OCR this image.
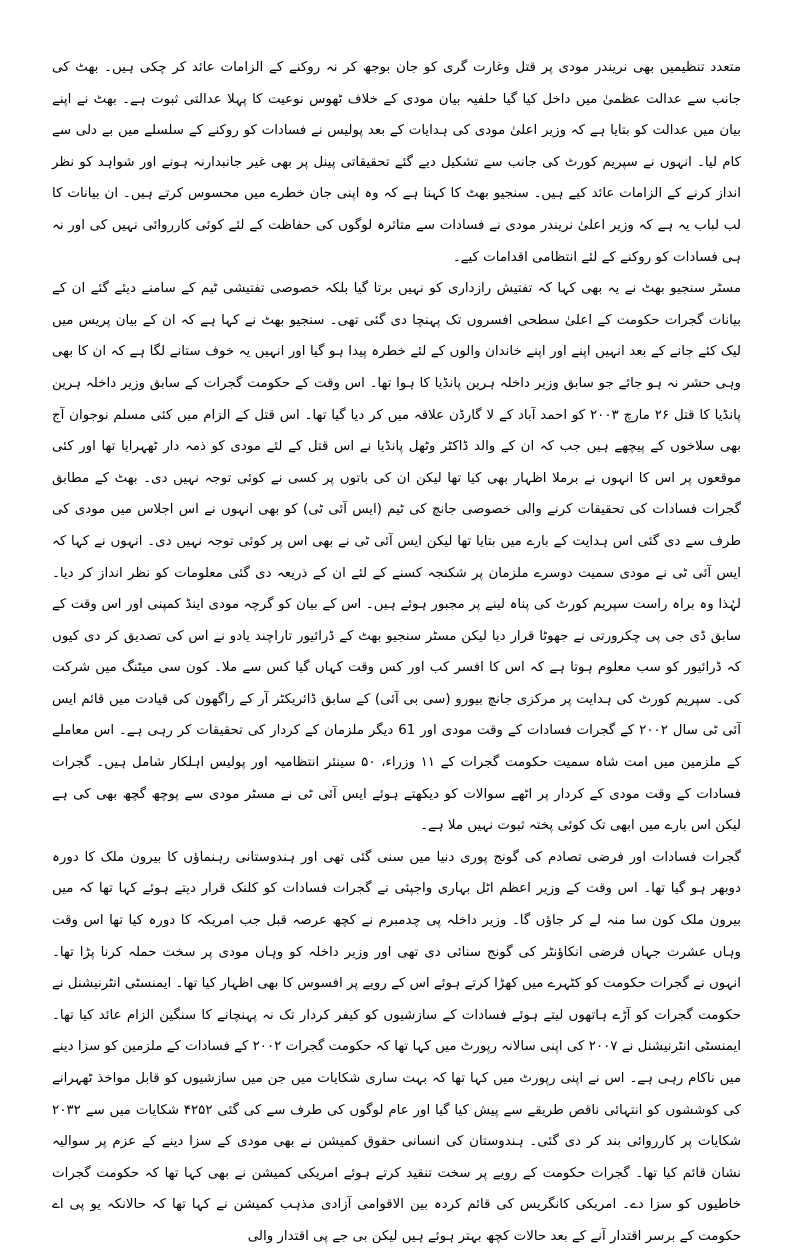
متعدد تنظیمیں بھی نریندر مودی پر قتل وغارت گری کو جان بوجھ کر نہ روکنے کے الزامات عائد کر چکی ہیں۔ بھٹ کی جانب سے عدالت عظمیٰ میں داخل کیا گیا حلفیہ بیان مودی کے خلاف ٹھوس نوعیت کا پہلا عدالتی ثبوت ہے۔ بھٹ نے اپنے بیان میں عدالت کو بتایا ہے کہ وزیر اعلیٰ مودی کی ہدایات کے بعد پولیس نے فسادات کو روکنے کے سلسلے میں بے دلی سے کام لیا۔ انہوں نے سپریم کورٹ کی جانب سے تشکیل دیے گئے تحقیقاتی پینل پر بھی غیر جانبدارنہ ہونے اور شواہد کو نظر انداز کرنے کے الزامات عائد کیے ہیں۔ سنجیو بھٹ کا کہنا ہے کہ وہ اپنی جان خطرے میں محسوس کرتے ہیں۔ ان بیانات کا لب لباب یہ ہے کہ وزیر اعلیٰ نریندر مودی نے فسادات سے متاثرہ لوگوں کی حفاظت کے لئے کوئی کارروائی نہیں کی اور نہ ہی فسادات کو روکنے کے لئے انتظامی اقدامات کیے۔

مسٹر سنجیو بھٹ نے یہ بھی کہا کہ تفتیش رازداری کو نہیں برتا گیا بلکہ خصوصی تفتیشی ٹیم کے سامنے دیئے گئے ان کے بیانات گجرات حکومت کے اعلیٰ سطحی افسروں تک پہنچا دی گئی تھی۔ سنجیو بھٹ نے کہا ہے کہ ان کے بیان پریس میں لیک کئے جانے کے بعد انہیں اپنے اور اپنے خاندان والوں کے لئے خطرہ پیدا ہو گیا اور انہیں یہ خوف ستانے لگا ہے کہ ان کا بھی وہی حشر نہ ہو جائے جو سابق وزیر داخلہ ہرین پانڈیا کا ہوا تھا۔ اس وقت کے حکومت گجرات کے سابق وزیر داخلہ ہرین پانڈیا کا قتل ۲۶ مارچ ۲۰۰۳ کو احمد آباد کے لا گارڈن علاقہ میں کر دیا گیا تھا۔ اس قتل کے الزام میں کئی مسلم نوجوان آج بھی سلاخوں کے پیچھے ہیں جب کہ ان کے والد ڈاکٹر وٹھل پانڈیا نے اس قتل کے لئے مودی کو ذمہ دار ٹھہرایا تھا اور کئی موقعوں پر اس کا انہوں نے برملا اظہار بھی کیا تھا لیکن ان کی باتوں پر کسی نے کوئی توجہ نہیں دی۔ بھٹ کے مطابق گجرات فسادات کی تحقیقات کرنے والی خصوصی جانچ کی ٹیم (ایس آئی ٹی) کو بھی انہوں نے اس اجلاس میں مودی کی طرف سے دی گئی اس ہدایت کے بارے میں بتایا تھا لیکن ایس آئی ٹی نے بھی اس پر کوئی توجہ نہیں دی۔ انہوں نے کہا کہ ایس آئی ٹی نے مودی سمیت دوسرے ملزمان پر شکنجہ کسنے کے لئے ان کے ذریعہ دی گئی معلومات کو نظر انداز کر دیا۔ لہٰذا وہ براہ راست سپریم کورٹ کی پناہ لینے پر مجبور ہوئے ہیں۔ اس کے بیان کو گرچہ مودی اینڈ کمپنی اور اس وقت کے سابق ڈی جی پی چکرورتی نے جھوٹا قرار دیا لیکن مسٹر سنجیو بھٹ کے ڈرائیور تاراچند یادو نے اس کی تصدیق کر دی کیوں کہ ڈرائیور کو سب معلوم ہوتا ہے کہ اس کا افسر کب اور کس وقت کہاں گیا کس سے ملا۔ کون سی میٹنگ میں شرکت کی۔ سپریم کورٹ کی ہدایت پر مرکزی جانچ بیورو (سی بی آئی) کے سابق ڈائریکٹر آر کے راگھون کی قیادت میں قائم ایس آئی ٹی سال ۲۰۰۲ کے گجرات فسادات کے وقت مودی اور 61 دیگر ملزمان کے کردار کی تحقیقات کر رہی ہے۔ اس معاملے کے ملزمین میں امت شاہ سمیت حکومت گجرات کے ۱۱ وزراء، ۵۰ سینئر انتظامیہ اور پولیس اہلکار شامل ہیں۔ گجرات فسادات کے وقت مودی کے کردار پر اٹھے سوالات کو دیکھتے ہوئے ایس آئی ٹی نے مسٹر مودی سے پوچھ گچھ بھی کی ہے لیکن اس بارے میں ابھی تک کوئی پختہ ثبوت نہیں ملا ہے۔

گجرات فسادات اور فرضی تصادم کی گونج پوری دنیا میں سنی گئی تھی اور ہندوستانی رہنماؤں کا بیرون ملک کا دورہ دوبھر ہو گیا تھا۔ اس وقت کے وزیر اعظم اٹل بہاری واجپئی نے گجرات فسادات کو کلنک قرار دیتے ہوئے کہا تھا کہ میں بیرون ملک کون سا منہ لے کر جاؤں گا۔ وزیر داخلہ پی چدمبرم نے کچھ عرصہ قبل جب امریکہ کا دورہ کیا تھا اس وقت وہاں عشرت جہاں فرضی انکاؤنٹر کی گونج سنائی دی تھی اور وزیر داخلہ کو وہاں مودی پر سخت حملہ کرنا پڑا تھا۔ انہوں نے گجرات حکومت کو کٹہرے میں کھڑا کرتے ہوئے اس کے رویے پر افسوس کا بھی اظہار کیا تھا۔ ایمنسٹی انٹرنیشنل نے حکومت گجرات کو آڑے ہاتھوں لیتے ہوئے فسادات کے سازشیوں کو کیفر کردار تک نہ پہنچانے کا سنگین الزام عائد کیا تھا۔ ایمنسٹی انٹرنیشنل نے ۲۰۰۷ کی اپنی سالانہ رپورٹ میں کہا تھا کہ حکومت گجرات ۲۰۰۲ کے فسادات کے ملزمین کو سزا دینے میں ناکام رہی ہے۔ اس نے اپنی رپورٹ میں کہا تھا کہ بہت ساری شکایات میں جن میں سازشیوں کو قابل مواخذ ٹھہرانے کی کوششوں کو انتہائی ناقص طریقے سے پیش کیا گیا اور عام لوگوں کی طرف سے کی گئی ۴۲۵۲ شکایات میں سے ۲۰۳۲ شکایات پر کارروائی بند کر دی گئی۔ ہندوستان کی انسانی حقوق کمیشن نے بھی مودی کے سزا دینے کے عزم پر سوالیہ نشان قائم کیا تھا۔ گجرات حکومت کے رویے پر سخت تنقید کرتے ہوئے امریکی کمیشن نے بھی کہا تھا کہ حکومت گجرات خاطیوں کو سزا دے۔ امریکی کانگریس کی قائم کردہ بین الاقوامی آزادی مذہب کمیشن نے کہا تھا کہ حالانکہ یو پی اے حکومت کے برسر اقتدار آنے کے بعد حالات کچھ بہتر ہوئے ہیں لیکن بی جے پی اقتدار والی
